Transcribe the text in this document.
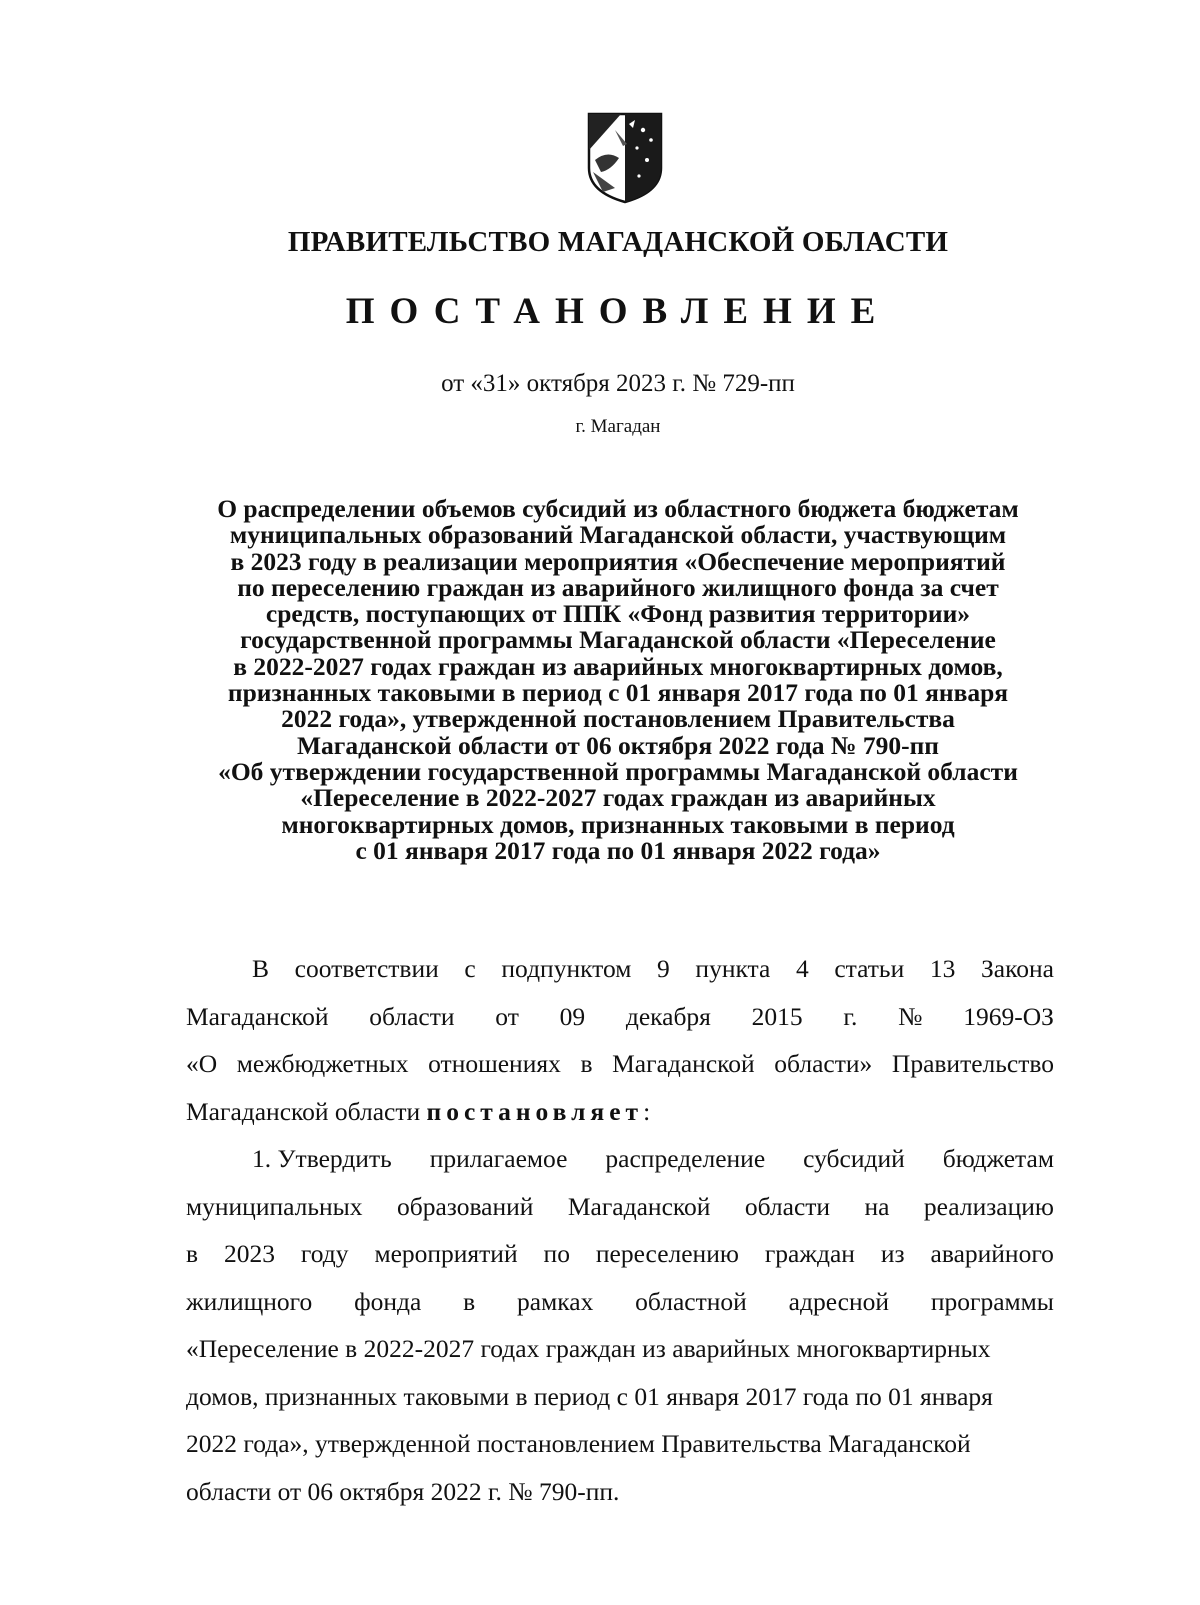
ПРАВИТЕЛЬСТВО МАГАДАНСКОЙ ОБЛАСТИ
ПОСТАНОВЛЕНИЕ
от «31» октября 2023 г. № 729-пп
г. Магадан
О распределении объемов субсидий из областного бюджета бюджетам
муниципальных образований Магаданской области, участвующим
в 2023 году в реализации мероприятия «Обеспечение мероприятий
по переселению граждан из аварийного жилищного фонда за счет
средств, поступающих от ППК «Фонд развития территории»
государственной программы Магаданской области «Переселение
в 2022-2027 годах граждан из аварийных многоквартирных домов,
признанных таковыми в период с 01 января 2017 года по 01 января
2022 года», утвержденной постановлением Правительства
Магаданской области от 06 октября 2022 года № 790-пп
«Об утверждении государственной программы Магаданской области
«Переселение в 2022-2027 годах граждан из аварийных
многоквартирных домов, признанных таковыми в период
с 01 января 2017 года по 01 января 2022 года»
В соответствии с подпунктом 9 пункта 4 статьи 13 Закона
Магаданской области от 09 декабря 2015 г. № 1969-ОЗ
«О межбюджетных отношениях в Магаданской области» Правительство
Магаданской области постановляет:
1. Утвердить прилагаемое распределение субсидий бюджетам
муниципальных образований Магаданской области на реализацию
в 2023 году мероприятий по переселению граждан из аварийного
жилищного фонда в рамках областной адресной программы
«Переселение в 2022-2027 годах граждан из аварийных многоквартирных
домов, признанных таковыми в период с 01 января 2017 года по 01 января
2022 года», утвержденной постановлением Правительства Магаданской
области от 06 октября 2022 г. № 790-пп.
